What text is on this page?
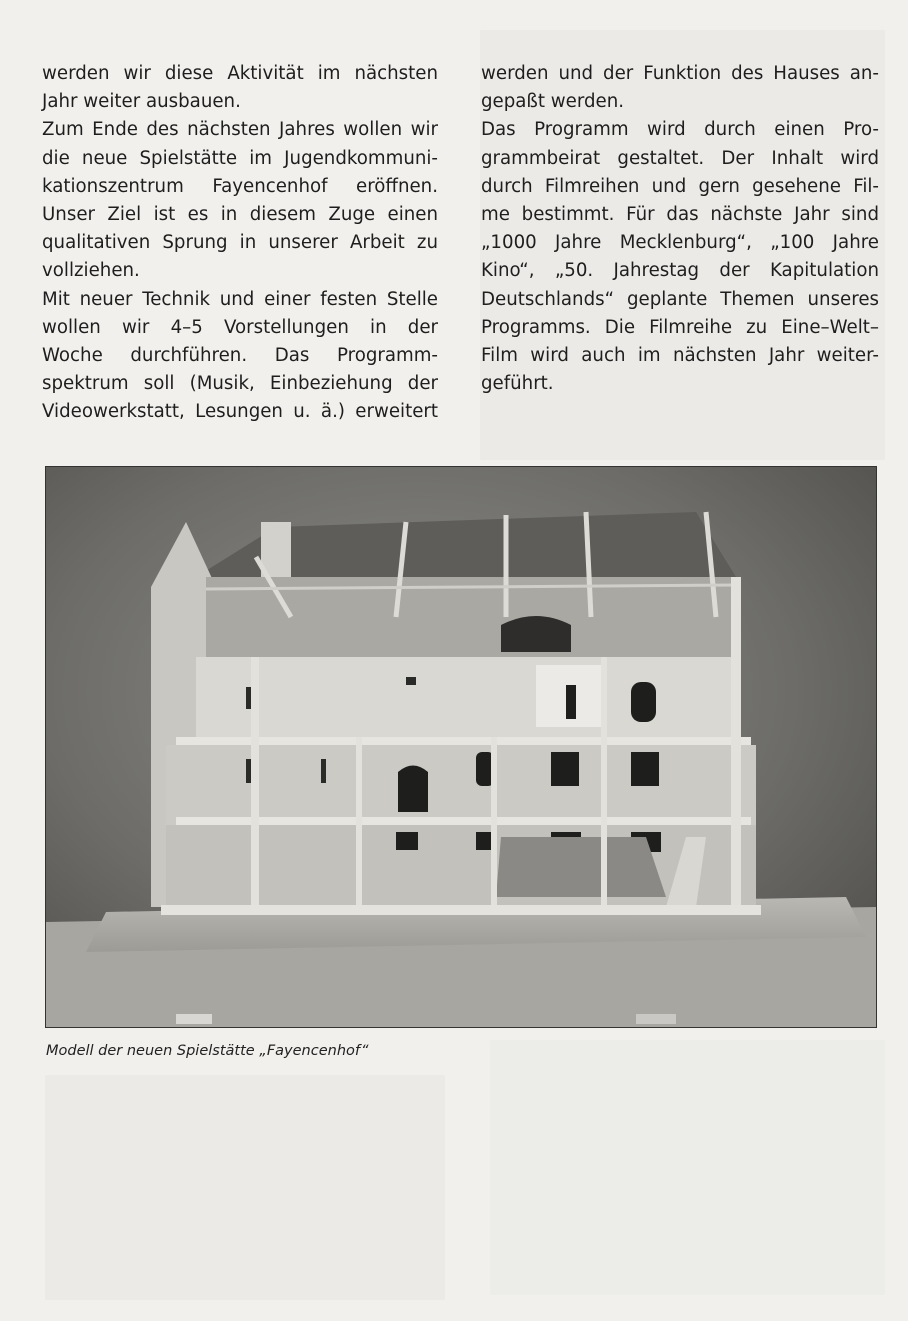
werden wir diese Aktivität im nächsten
Jahr weiter ausbauen.
Zum Ende des nächsten Jahres wollen wir
die neue Spielstätte im Jugendkommuni-
kationszentrum Fayencenhof eröffnen.
Unser Ziel ist es in diesem Zuge einen
qualitativen Sprung in unserer Arbeit zu
vollziehen.
Mit neuer Technik und einer festen Stelle
wollen wir 4–5 Vorstellungen in der
Woche durchführen. Das Programm-
spektrum soll (Musik, Einbeziehung der
Videowerkstatt, Lesungen u. ä.) erweitert
werden und der Funktion des Hauses an-
gepaßt werden.
Das Programm wird durch einen Pro-
grammbeirat gestaltet. Der Inhalt wird
durch Filmreihen und gern gesehene Fil-
me bestimmt. Für das nächste Jahr sind
„1000 Jahre Mecklenburg“, „100 Jahre
Kino“, „50. Jahrestag der Kapitulation
Deutschlands“ geplante Themen unseres
Programms. Die Filmreihe zu Eine–Welt–
Film wird auch im nächsten Jahr weiter-
geführt.
Modell der neuen Spielstätte „Fayencenhof“
